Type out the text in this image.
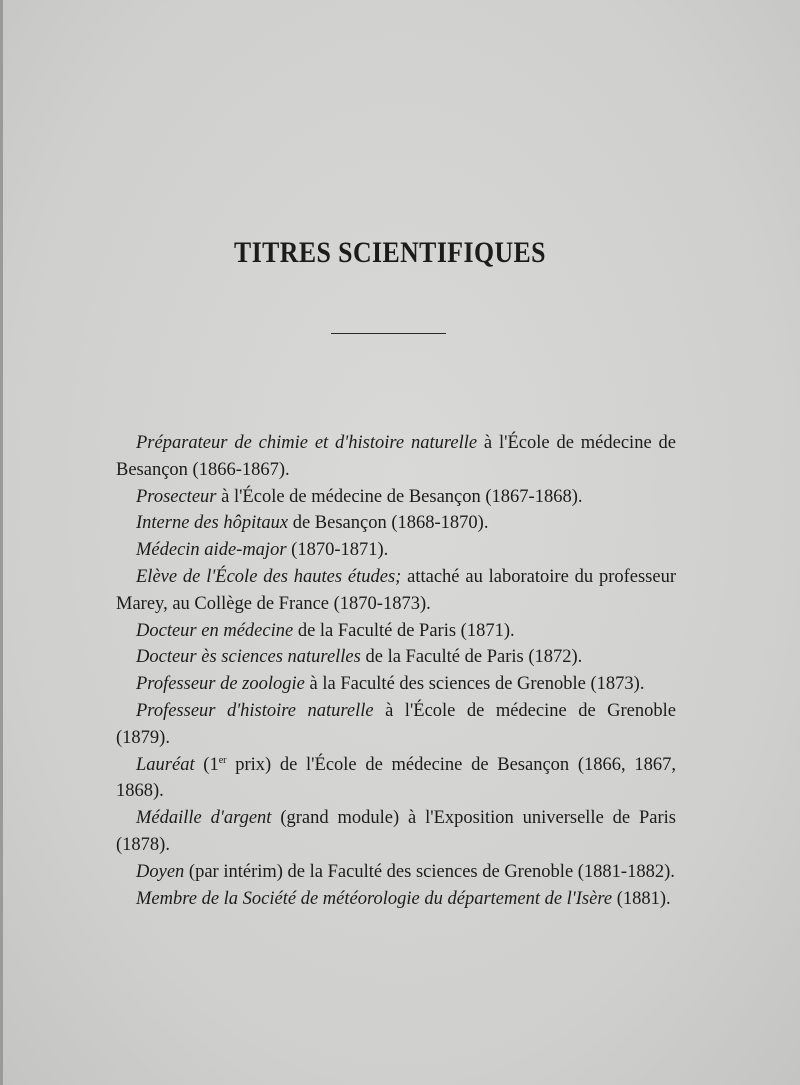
TITRES SCIENTIFIQUES

Préparateur de chimie et d'histoire naturelle à l'École de médecine de Besançon (1866-1867).

Prosecteur à l'École de médecine de Besançon (1867-1868).

Interne des hôpitaux de Besançon (1868-1870).

Médecin aide-major (1870-1871).

Elève de l'École des hautes études; attaché au laboratoire du professeur Marey, au Collège de France (1870-1873).

Docteur en médecine de la Faculté de Paris (1871).

Docteur ès sciences naturelles de la Faculté de Paris (1872).

Professeur de zoologie à la Faculté des sciences de Grenoble (1873).

Professeur d'histoire naturelle à l'École de médecine de Grenoble (1879).

Lauréat (1er prix) de l'École de médecine de Besançon (1866, 1867, 1868).

Médaille d'argent (grand module) à l'Exposition universelle de Paris (1878).

Doyen (par intérim) de la Faculté des sciences de Grenoble (1881-1882).

Membre de la Société de météorologie du département de l'Isère (1881).
